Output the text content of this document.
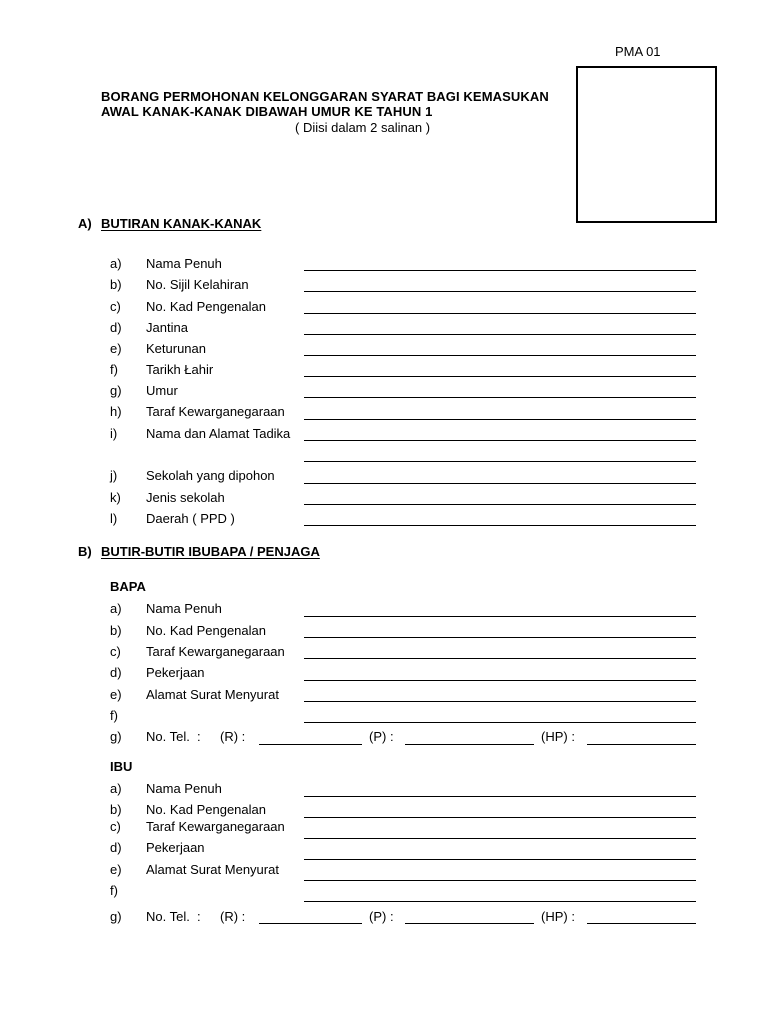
PMA 01
BORANG PERMOHONAN KELONGGARAN SYARAT BAGI KEMASUKAN
AWAL KANAK-KANAK DIBAWAH UMUR KE TAHUN 1
( Diisi dalam 2 salinan )
A) BUTIRAN KANAK-KANAK
a) Nama Penuh
b) No. Sijil Kelahiran
c) No. Kad Pengenalan
d) Jantina
e) Keturunan
f) Tarikh Łahir
g) Umur
h) Taraf Kewarganegaraan
i) Nama dan Alamat Tadika
j) Sekolah yang dipohon
k) Jenis sekolah
l) Daerah ( PPD )
B) BUTIR-BUTIR IBUBAPA / PENJAGA
BAPA
a) Nama Penuh
b) No. Kad Pengenalan
c) Taraf Kewarganegaraan
d) Pekerjaan
e) Alamat Surat Menyurat
f)
g) No. Tel. : (R) :	(P) :	(HP) :
IBU
a) Nama Penuh
b) No. Kad Pengenalan
c) Taraf Kewarganegaraan
d) Pekerjaan
e) Alamat Surat Menyurat
f)
g) No. Tel. : (R) :	(P) :	(HP) :
